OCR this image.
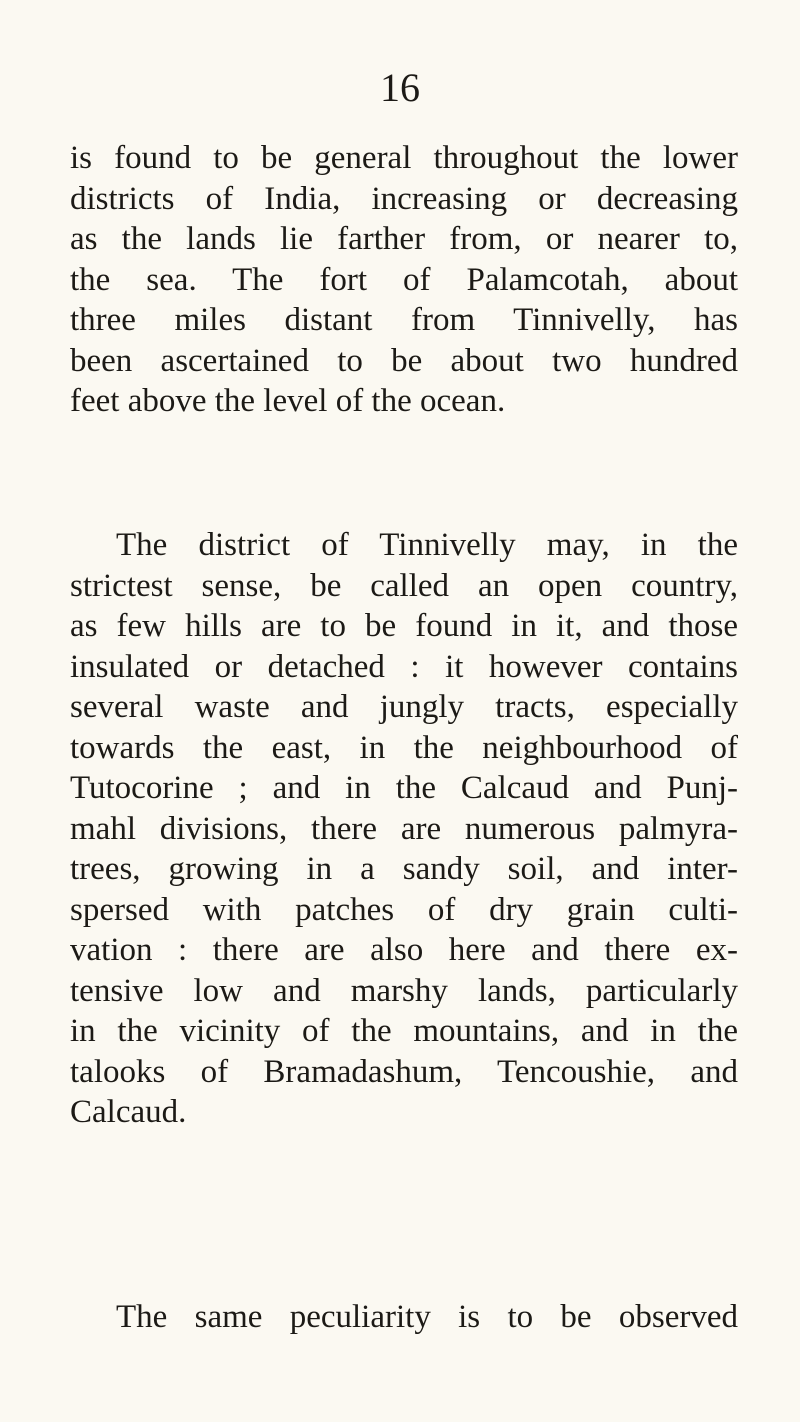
16
is found to be general throughout the lower
districts of India, increasing or decreasing
as the lands lie farther from, or nearer to,
the sea. The fort of Palamcotah, about
three miles distant from Tinnivelly, has
been ascertained to be about two hundred
feet above the level of the ocean.
The district of Tinnivelly may, in the
strictest sense, be called an open country,
as few hills are to be found in it, and those
insulated or detached : it however contains
several waste and jungly tracts, especially
towards the east, in the neighbourhood of
Tutocorine ; and in the Calcaud and Punj-
mahl divisions, there are numerous palmyra-
trees, growing in a sandy soil, and inter-
spersed with patches of dry grain culti-
vation : there are also here and there ex-
tensive low and marshy lands, particularly
in the vicinity of the mountains, and in the
talooks of Bramadashum, Tencoushie, and
Calcaud.
The same peculiarity is to be observed
